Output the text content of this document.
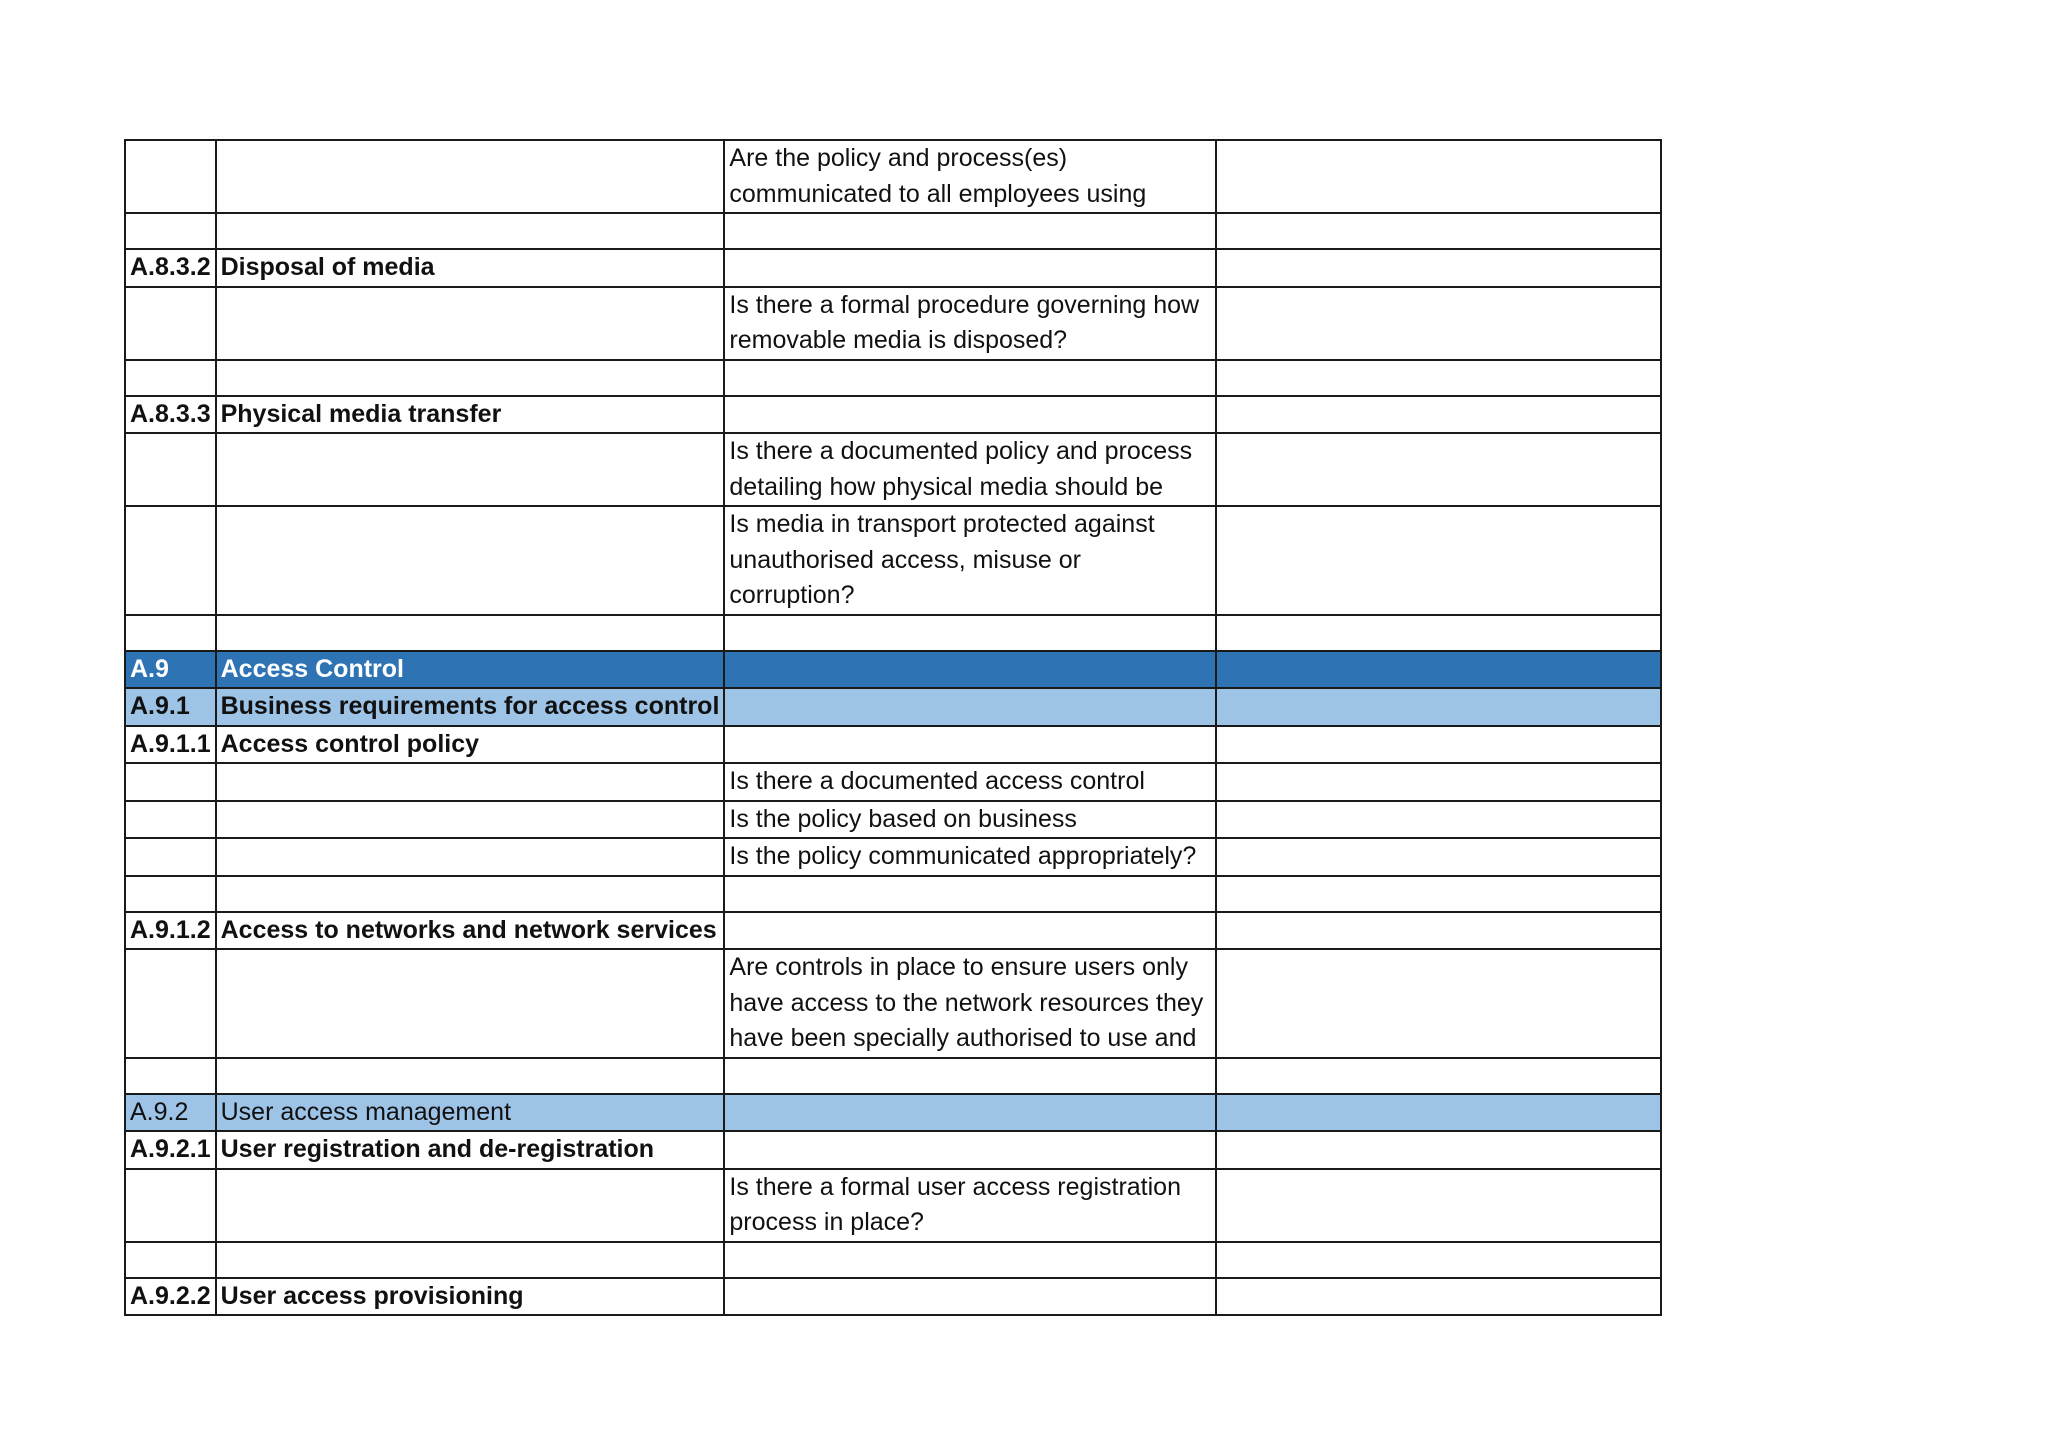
		Are the policy and process(es) communicated to all employees using	

A.8.3.2	Disposal of media		
		Is there a formal procedure governing how removable media is disposed?	

A.8.3.3	Physical media transfer		
		Is there a documented policy and process detailing how physical media should be	
		Is media in transport protected against unauthorised access, misuse or corruption?	

A.9	Access Control		
A.9.1	Business requirements for access control		
A.9.1.1	Access control policy		
		Is there a documented access control	
		Is the policy based on business	
		Is the policy communicated appropriately?	

A.9.1.2	Access to networks and network services		
		Are controls in place to ensure users only have access to the network resources they have been specially authorised to use and	

A.9.2	User access management		
A.9.2.1	User registration and de-registration		
		Is there a formal user access registration process in place?	

A.9.2.2	User access provisioning		
